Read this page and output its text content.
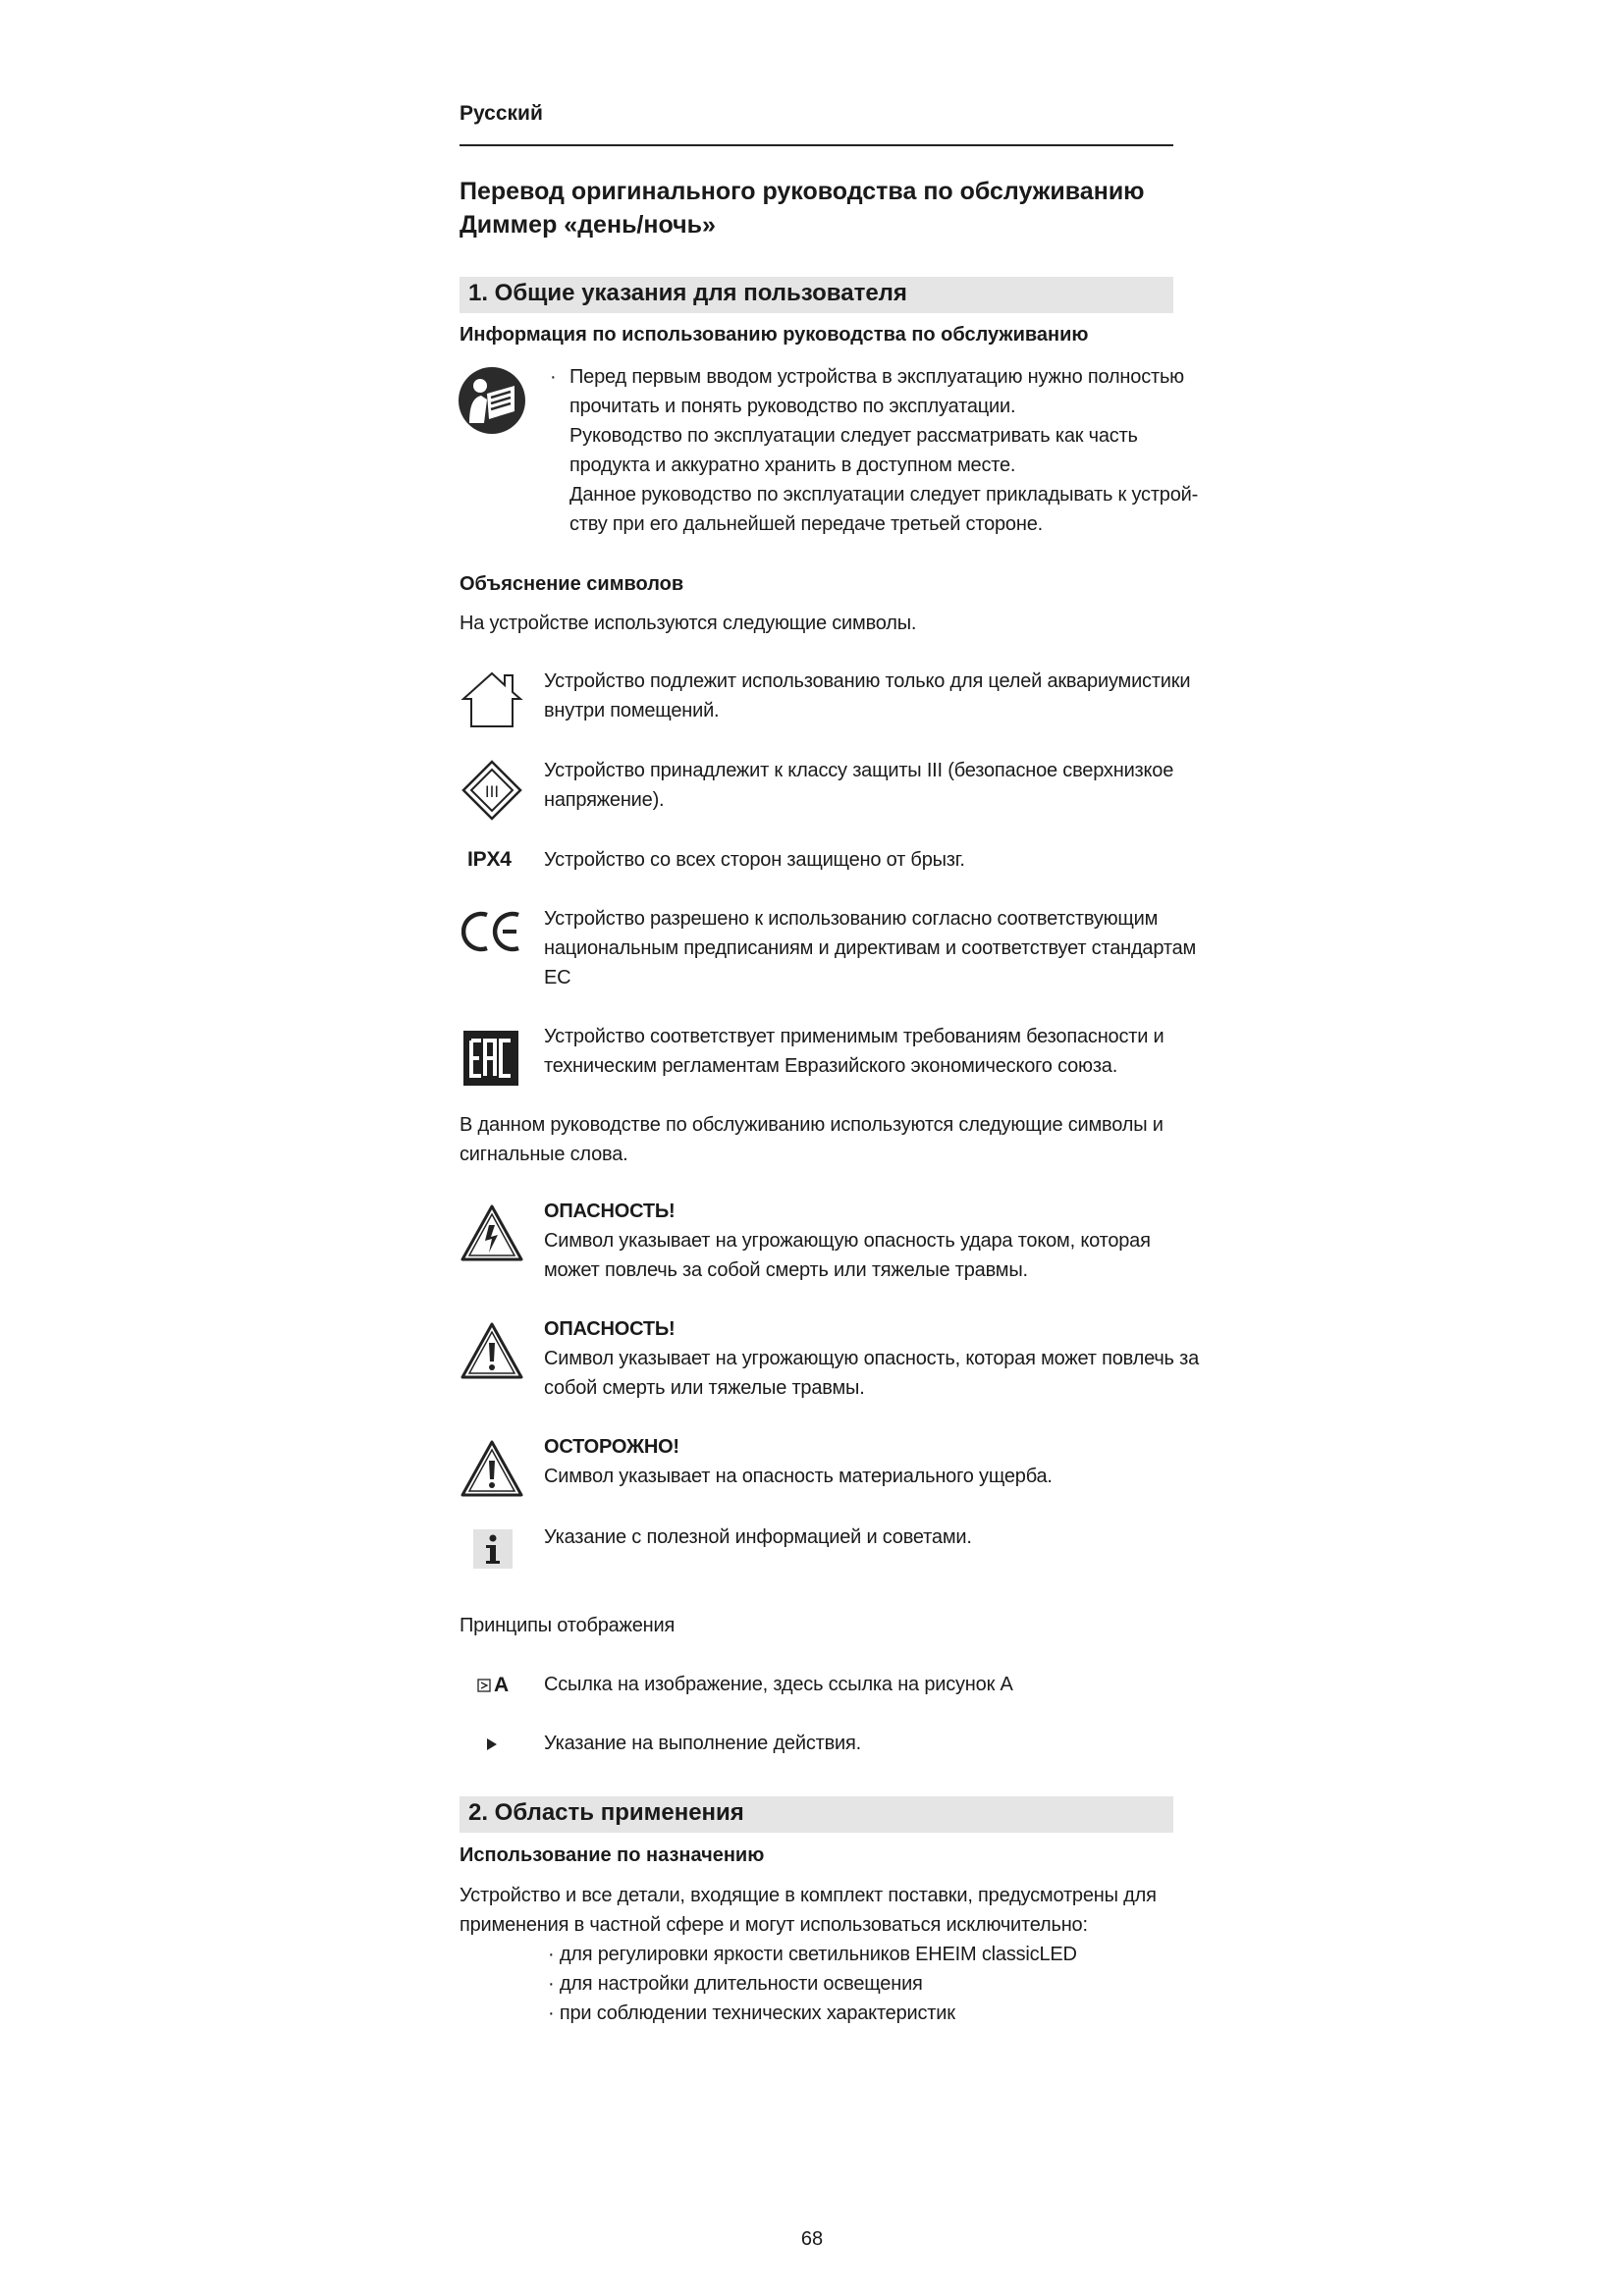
Русский
Перевод оригинального руководства по обслуживанию
Диммер «день/ночь»
1. Общие указания для пользователя
Информация по использованию руководства по обслуживанию
· Перед первым вводом устройства в эксплуатацию нужно полностью
прочитать и понять руководство по эксплуатации.
Руководство по эксплуатации следует рассматривать как часть
продукта и аккуратно хранить в доступном месте.
Данное руководство по эксплуатации следует прикладывать к устрой-
ству при его дальнейшей передаче третьей стороне.
Объяснение символов
На устройстве используются следующие символы.
Устройство подлежит использованию только для целей аквариумистики
внутри помещений.
III
Устройство принадлежит к классу защиты III (безопасное сверхнизкое
напряжение).
IPX4 Устройство со всех сторон защищено от брызг.
Устройство разрешено к использованию согласно соответствующим
национальным предписаниям и директивам и соответствует стандартам
ЕС
Устройство соответствует применимым требованиям безопасности и
техническим регламентам Евразийского экономического союза.
В данном руководстве по обслуживанию используются следующие символы и
сигнальные слова.
ОПАСНОСТЬ!
Символ указывает на угрожающую опасность удара током, которая
может повлечь за собой смерть или тяжелые травмы.
ОПАСНОСТЬ!
Символ указывает на угрожающую опасность, которая может повлечь за
собой смерть или тяжелые травмы.
ОСТОРОЖНО!
Символ указывает на опасность материального ущерба.
Указание с полезной информацией и советами.
Принципы отображения
A Ссылка на изображение, здесь ссылка на рисунок А
Указание на выполнение действия.
2. Область применения
Использование по назначению
Устройство и все детали, входящие в комплект поставки, предусмотрены для
применения в частной сфере и могут использоваться исключительно:
· для регулировки яркости светильников EHEIM classicLED
· для настройки длительности освещения
· при соблюдении технических характеристик
68
